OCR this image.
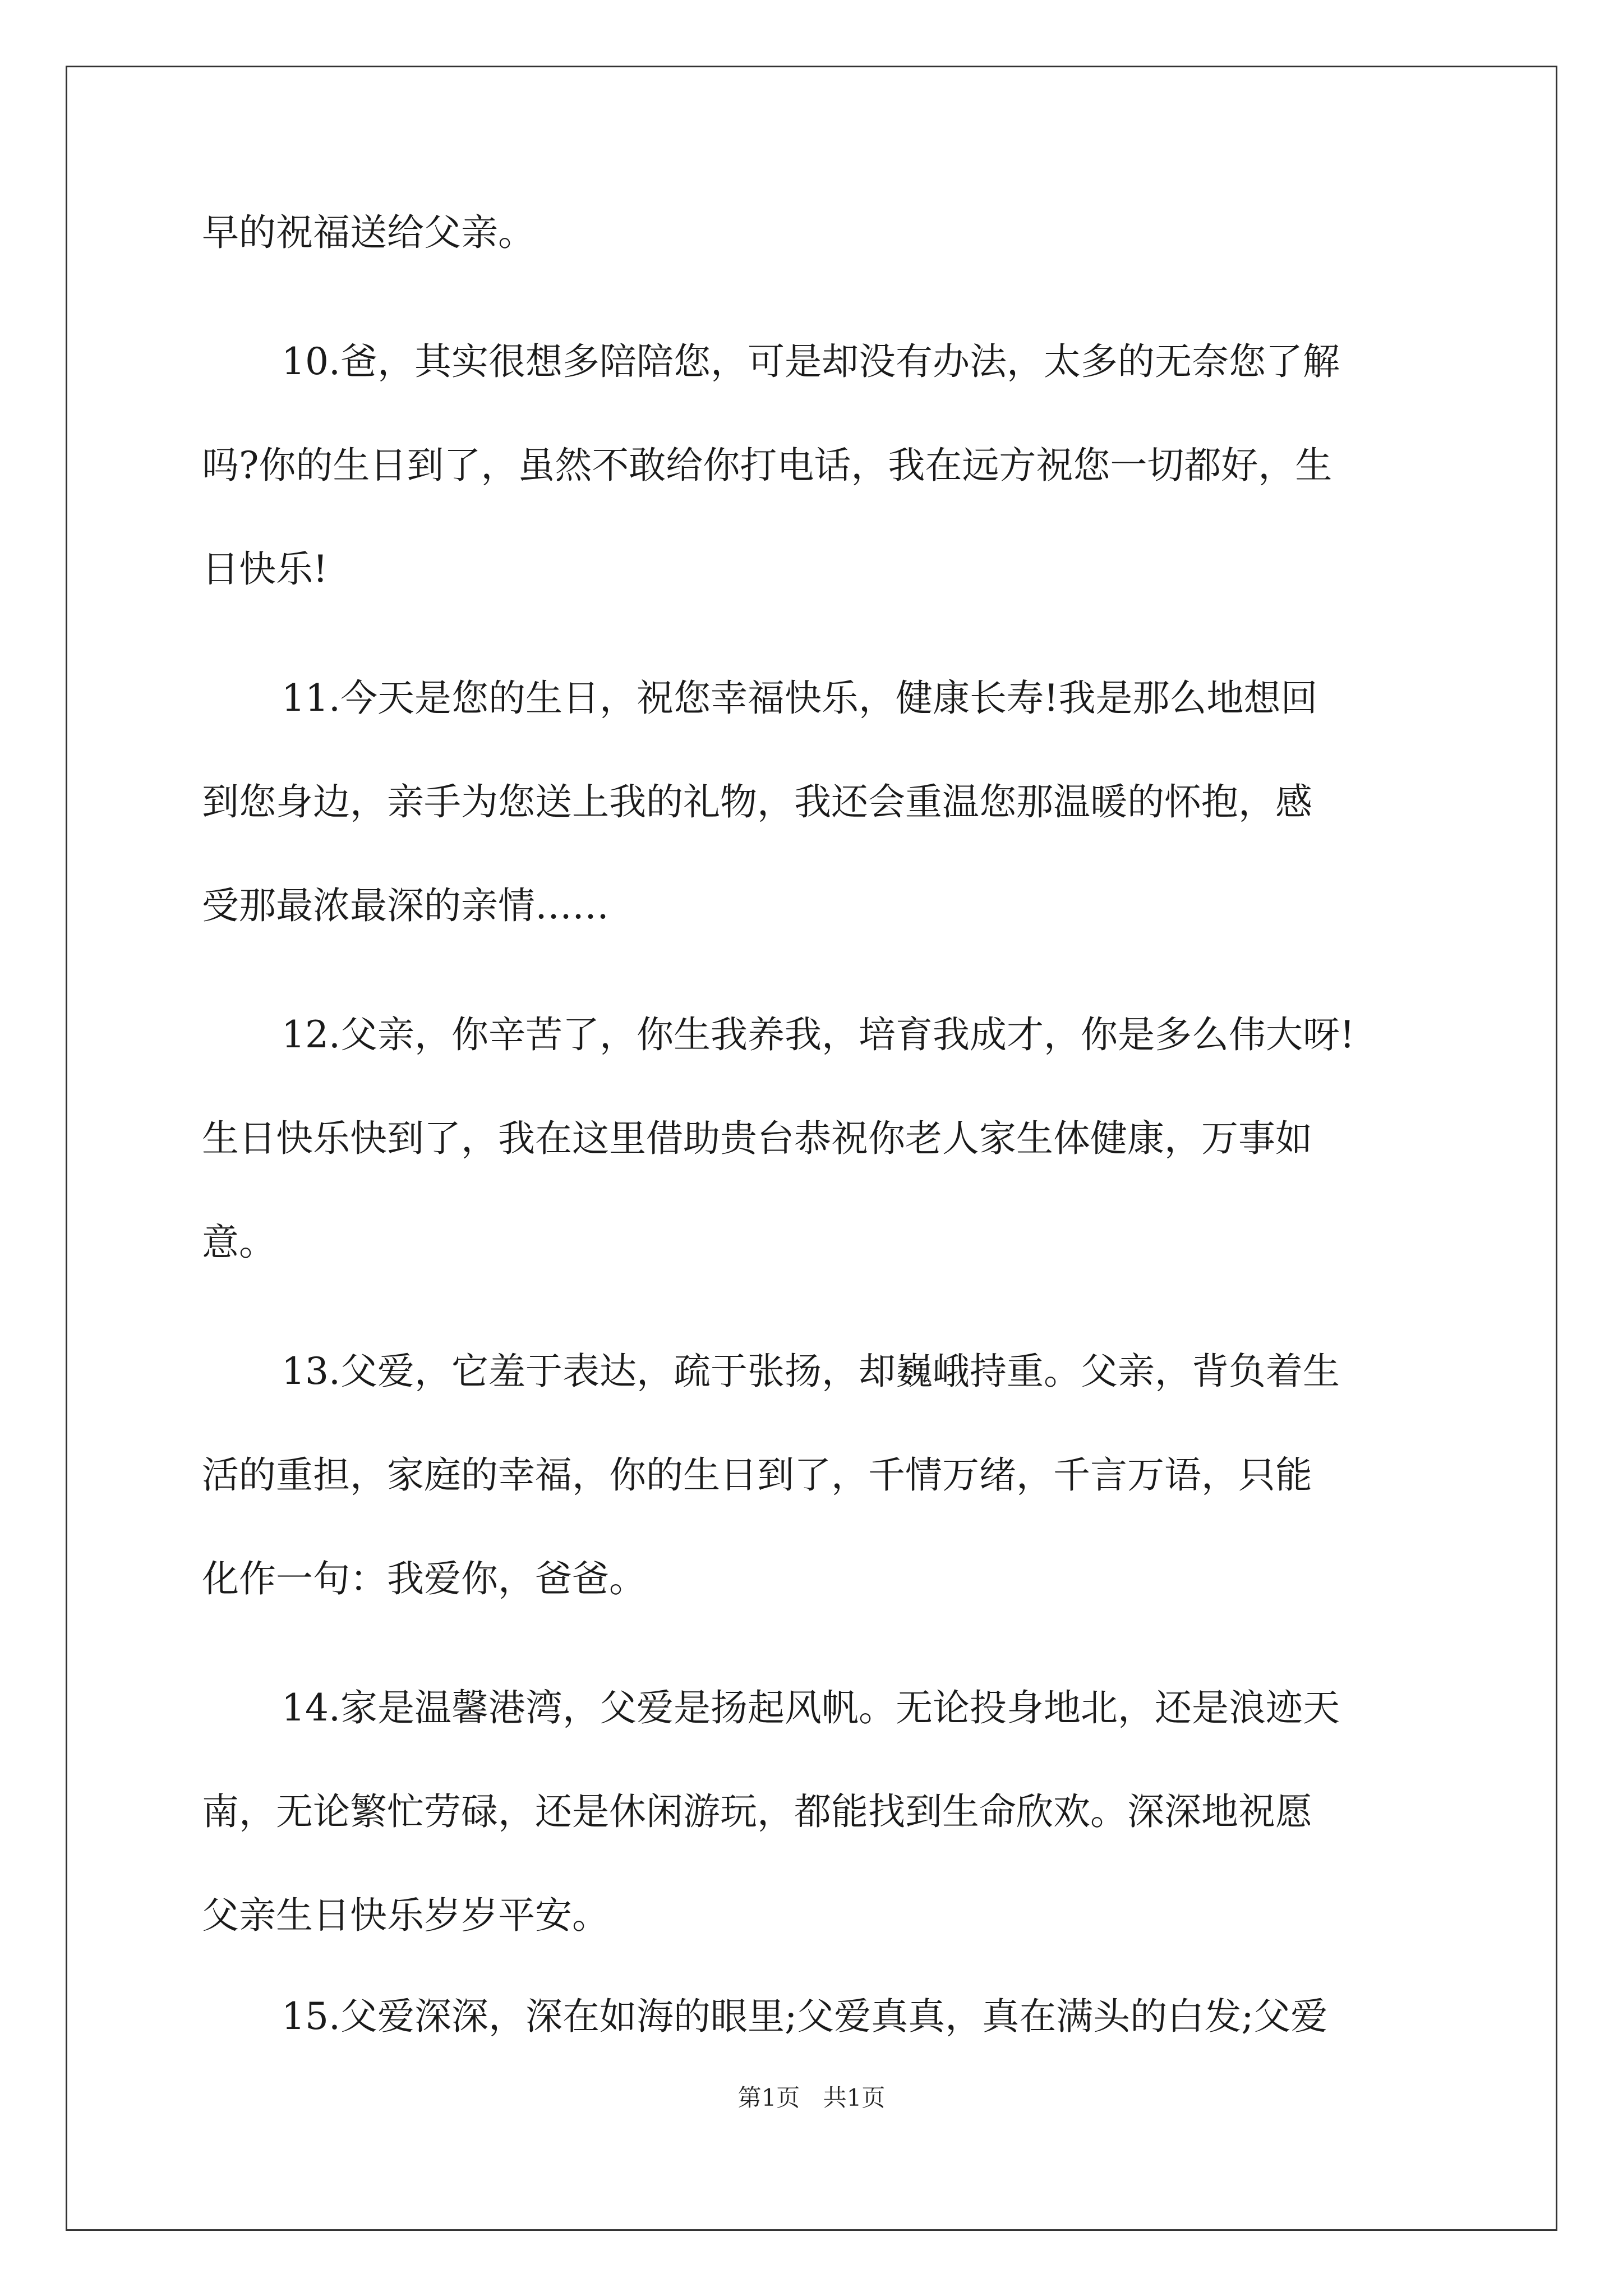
早的祝福送给父亲。
10.爸，其实很想多陪陪您，可是却没有办法，太多的无奈您了解
吗?你的生日到了，虽然不敢给你打电话，我在远方祝您一切都好，生
日快乐!
11.今天是您的生日，祝您幸福快乐，健康长寿!我是那么地想回
到您身边，亲手为您送上我的礼物，我还会重温您那温暖的怀抱，感
受那最浓最深的亲情……
12.父亲，你辛苦了，你生我养我，培育我成才，你是多么伟大呀!
生日快乐快到了，我在这里借助贵台恭祝你老人家生体健康，万事如
意。
13.父爱，它羞于表达，疏于张扬，却巍峨持重。父亲，背负着生
活的重担，家庭的幸福，你的生日到了，千情万绪，千言万语，只能
化作一句：我爱你，爸爸。
14.家是温馨港湾，父爱是扬起风帆。无论投身地北，还是浪迹天
南，无论繁忙劳碌，还是休闲游玩，都能找到生命欣欢。深深地祝愿
父亲生日快乐岁岁平安。
15.父爱深深，深在如海的眼里;父爱真真，真在满头的白发;父爱
第1页 共1页
